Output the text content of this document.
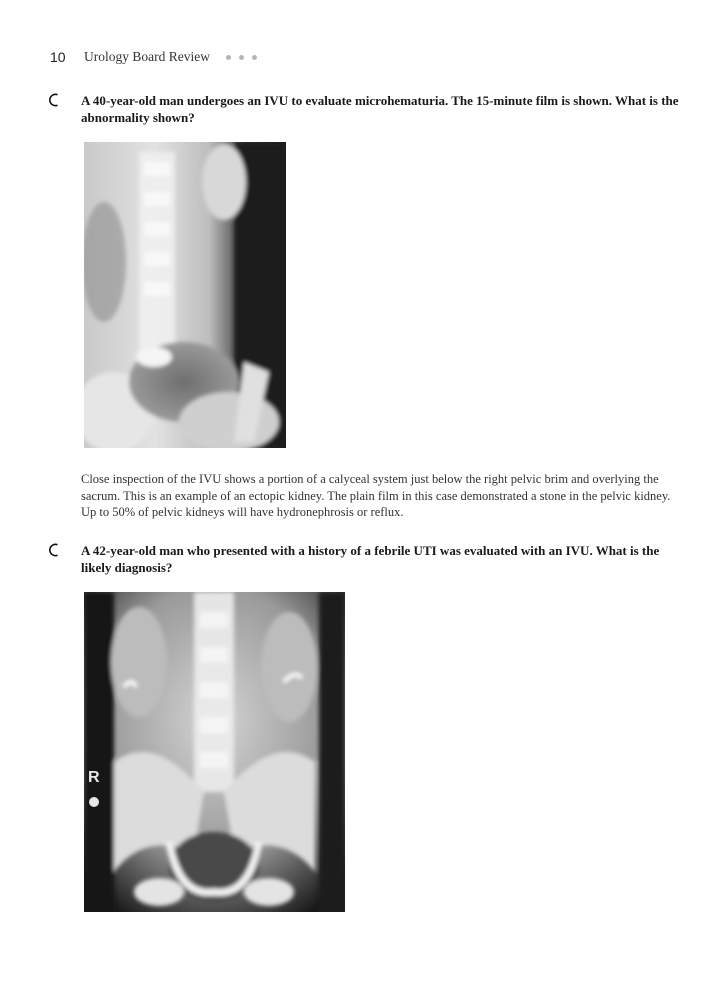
10	Urology Board Review
A 40-year-old man undergoes an IVU to evaluate microhematuria. The 15-minute film is shown. What is the abnormality shown?
Close inspection of the IVU shows a portion of a calyceal system just below the right pelvic brim and overlying the sacrum. This is an example of an ectopic kidney. The plain film in this case demonstrated a stone in the pelvic kidney. Up to 50% of pelvic kidneys will have hydronephrosis or reflux.
A 42-year-old man who presented with a history of a febrile UTI was evaluated with an IVU. What is the likely diagnosis?
R
